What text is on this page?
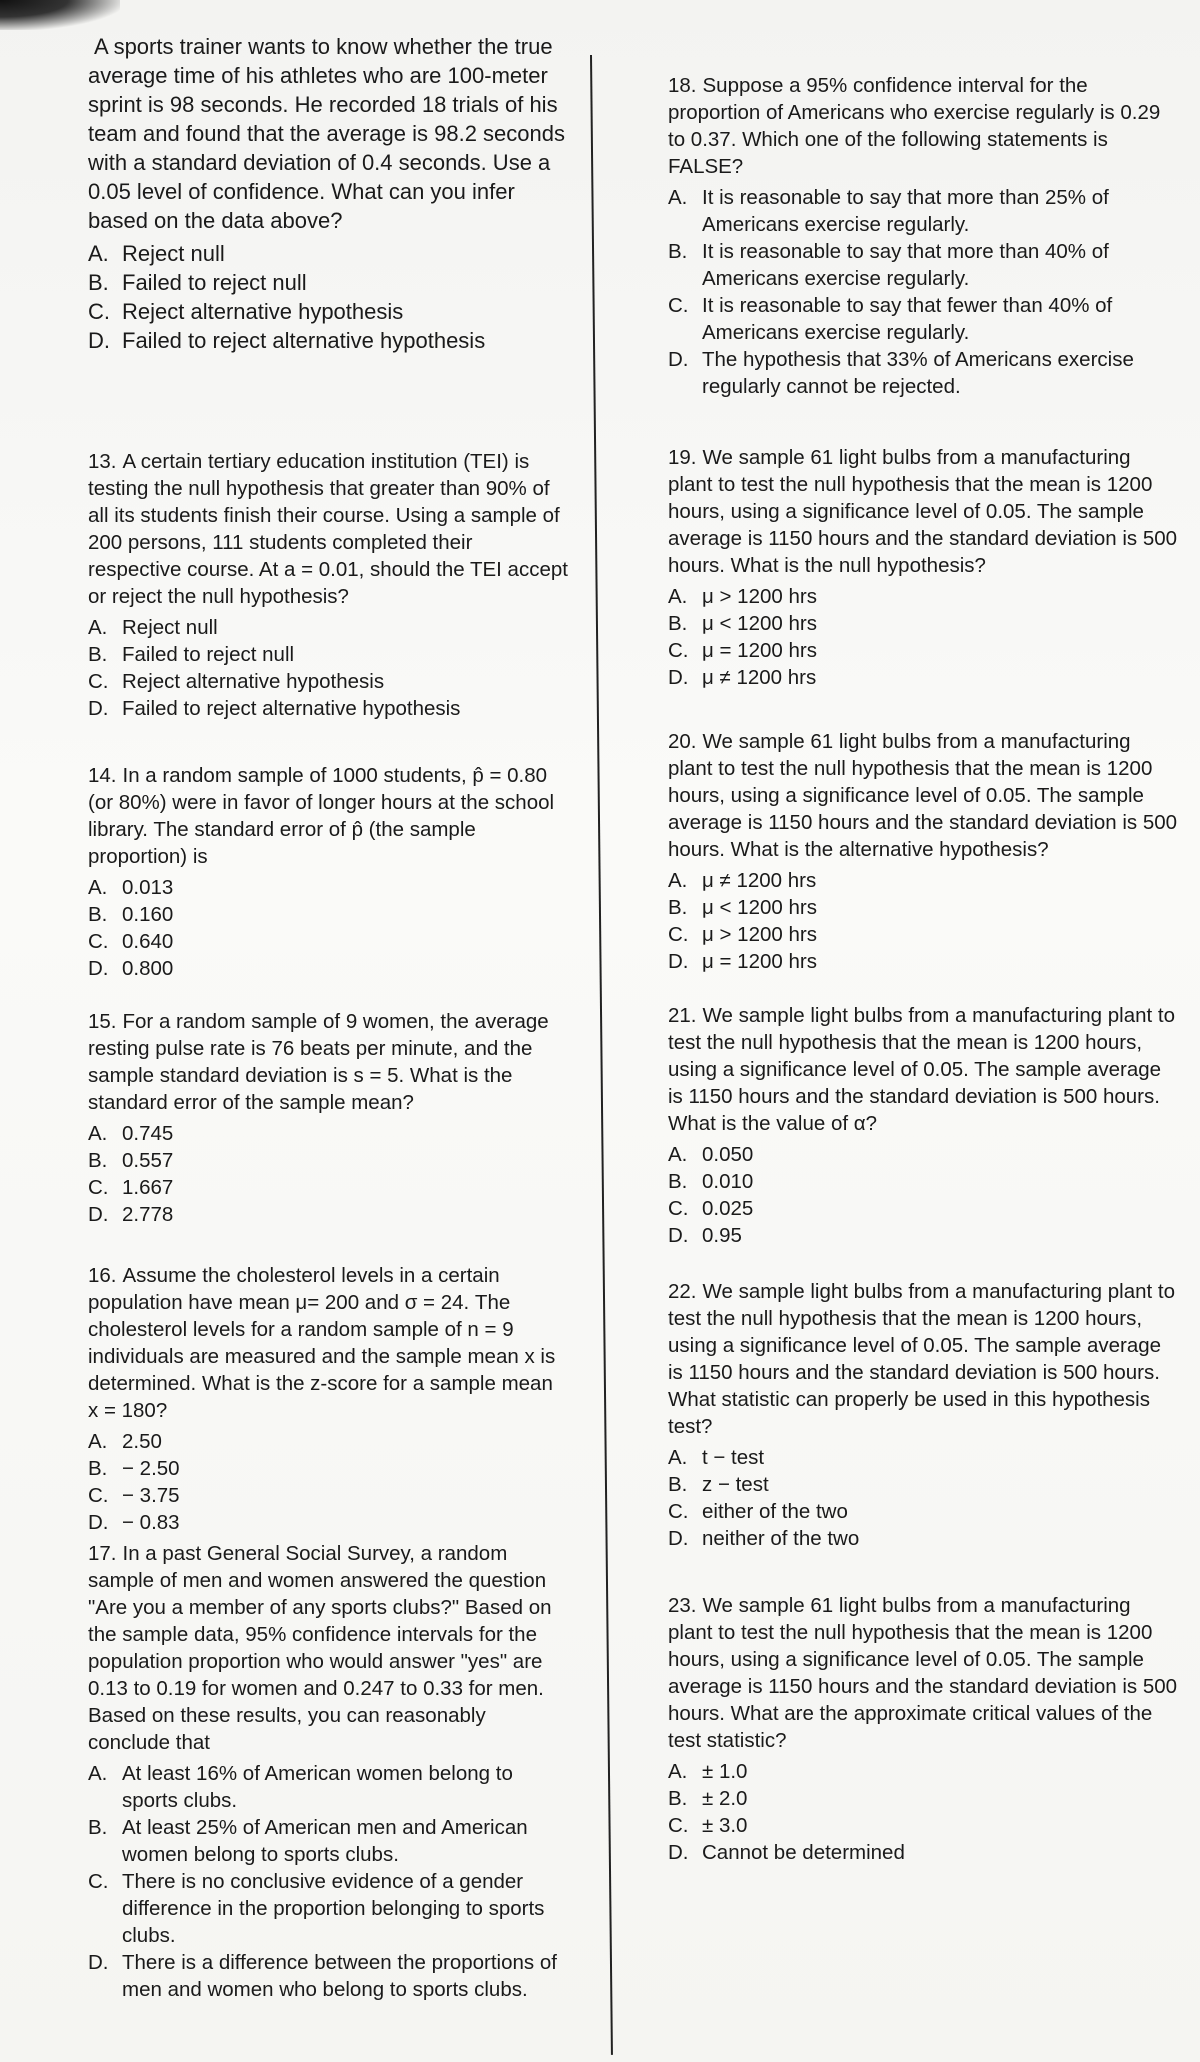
A sports trainer wants to know whether the true average time of his athletes who are 100-meter sprint is 98 seconds. He recorded 18 trials of his team and found that the average is 98.2 seconds with a standard deviation of 0.4 seconds. Use a 0.05 level of confidence. What can you infer based on the data above?

A. Reject null
B. Failed to reject null
C. Reject alternative hypothesis
D. Failed to reject alternative hypothesis

13. A certain tertiary education institution (TEI) is testing the null hypothesis that greater than 90% of all its students finish their course. Using a sample of 200 persons, 111 students completed their respective course. At a = 0.01, should the TEI accept or reject the null hypothesis?

A. Reject null
B. Failed to reject null
C. Reject alternative hypothesis
D. Failed to reject alternative hypothesis

14. In a random sample of 1000 students, p̂ = 0.80 (or 80%) were in favor of longer hours at the school library. The standard error of p̂ (the sample proportion) is

A. 0.013
B. 0.160
C. 0.640
D. 0.800

15. For a random sample of 9 women, the average resting pulse rate is 76 beats per minute, and the sample standard deviation is s = 5. What is the standard error of the sample mean?

A. 0.745
B. 0.557
C. 1.667
D. 2.778

16. Assume the cholesterol levels in a certain population have mean μ= 200 and σ = 24. The cholesterol levels for a random sample of n = 9 individuals are measured and the sample mean x is determined. What is the z-score for a sample mean x = 180?

A. 2.50
B. − 2.50
C. − 3.75
D. − 0.83

17. In a past General Social Survey, a random sample of men and women answered the question "Are you a member of any sports clubs?" Based on the sample data, 95% confidence intervals for the population proportion who would answer "yes" are 0.13 to 0.19 for women and 0.247 to 0.33 for men. Based on these results, you can reasonably conclude that

A. At least 16% of American women belong to sports clubs.
B. At least 25% of American men and American women belong to sports clubs.
C. There is no conclusive evidence of a gender difference in the proportion belonging to sports clubs.
D. There is a difference between the proportions of men and women who belong to sports clubs.

18. Suppose a 95% confidence interval for the proportion of Americans who exercise regularly is 0.29 to 0.37. Which one of the following statements is FALSE?

A. It is reasonable to say that more than 25% of Americans exercise regularly.
B. It is reasonable to say that more than 40% of Americans exercise regularly.
C. It is reasonable to say that fewer than 40% of Americans exercise regularly.
D. The hypothesis that 33% of Americans exercise regularly cannot be rejected.

19. We sample 61 light bulbs from a manufacturing plant to test the null hypothesis that the mean is 1200 hours, using a significance level of 0.05. The sample average is 1150 hours and the standard deviation is 500 hours. What is the null hypothesis?

A. μ > 1200 hrs
B. μ < 1200 hrs
C. μ = 1200 hrs
D. μ ≠ 1200 hrs

20. We sample 61 light bulbs from a manufacturing plant to test the null hypothesis that the mean is 1200 hours, using a significance level of 0.05. The sample average is 1150 hours and the standard deviation is 500 hours. What is the alternative hypothesis?

A. μ ≠ 1200 hrs
B. μ < 1200 hrs
C. μ > 1200 hrs
D. μ = 1200 hrs

21. We sample light bulbs from a manufacturing plant to test the null hypothesis that the mean is 1200 hours, using a significance level of 0.05. The sample average is 1150 hours and the standard deviation is 500 hours. What is the value of α?

A. 0.050
B. 0.010
C. 0.025
D. 0.95

22. We sample light bulbs from a manufacturing plant to test the null hypothesis that the mean is 1200 hours, using a significance level of 0.05. The sample average is 1150 hours and the standard deviation is 500 hours. What statistic can properly be used in this hypothesis test?

A. t − test
B. z − test
C. either of the two
D. neither of the two

23. We sample 61 light bulbs from a manufacturing plant to test the null hypothesis that the mean is 1200 hours, using a significance level of 0.05. The sample average is 1150 hours and the standard deviation is 500 hours. What are the approximate critical values of the test statistic?

A. ± 1.0
B. ± 2.0
C. ± 3.0
D. Cannot be determined
